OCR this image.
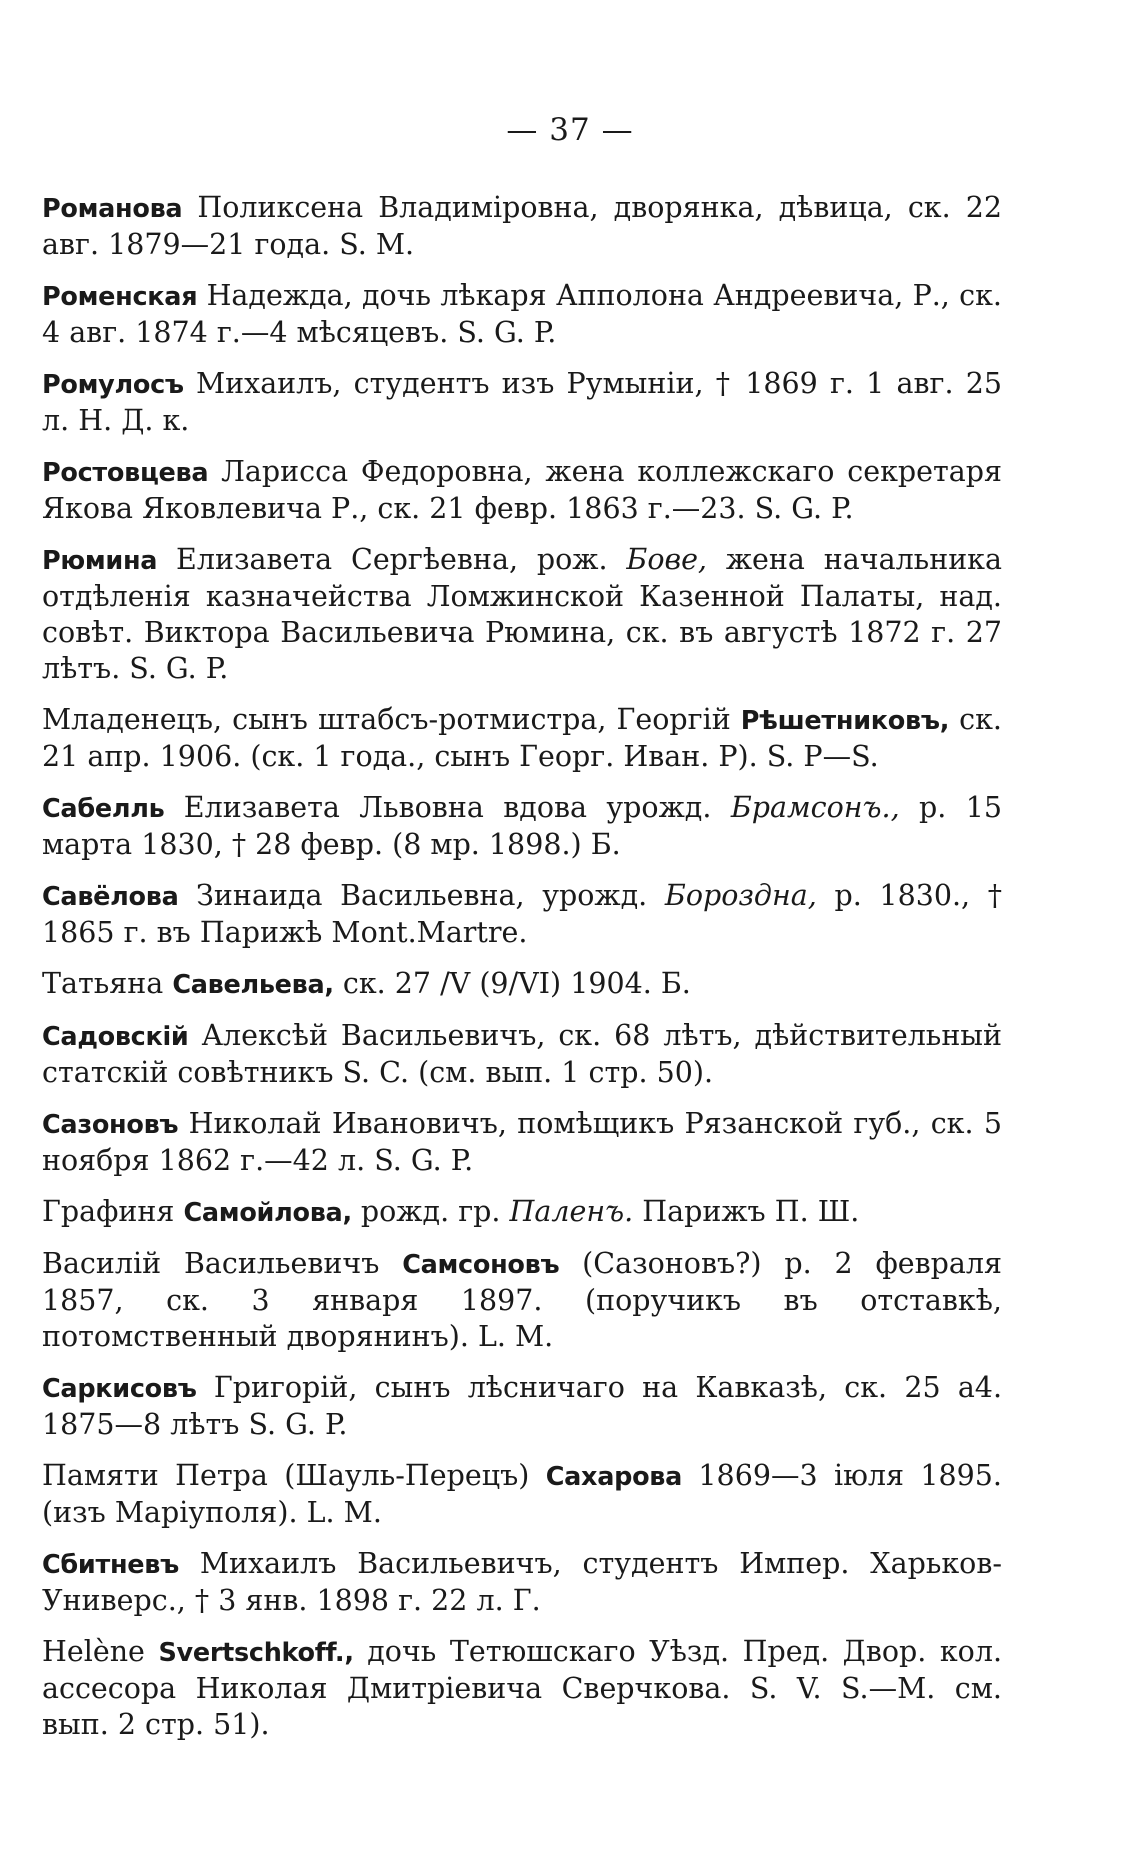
— 37 —

Романова Поликсена Владиміровна, дворянка, дѣвица, ск. 22 авг. 1879—21 года. S. M.

Роменская Надежда, дочь лѣкаря Апполона Андреевича, Р., ск. 4 авг. 1874 г.—4 мѣсяцевъ. S. G. P.

Ромулосъ Михаилъ, студентъ изъ Румыніи, † 1869 г. 1 авг. 25 л. Н. Д. к.

Ростовцева Ларисса Федоровна, жена коллежскаго секретаря Якова Яковлевича Р., ск. 21 февр. 1863 г.—23. S. G. P.

Рюмина Елизавета Сергѣевна, рож. Бове, жена начальника отдѣленія казначейства Ломжинской Казенной Палаты, над. совѣт. Виктора Васильевича Рюмина, ск. въ августѣ 1872 г. 27 лѣтъ. S. G. P.

Младенецъ, сынъ штабсъ-ротмистра, Георгій Рѣшетниковъ, ск. 21 апр. 1906. (ск. 1 года., сынъ Георг. Иван. Р). S. P—S.

Сабелль Елизавета Львовна вдова урожд. Брамсонъ., р. 15 марта 1830, † 28 февр. (8 мр. 1898.) Б.

Савёлова Зинаида Васильевна, урожд. Бороздна, р. 1830., † 1865 г. въ Парижѣ Mont.Martre.

Татьяна Савельева, ск. 27 /V (9/VI) 1904. Б.

Садовскій Алексѣй Васильевичъ, ск. 68 лѣтъ, дѣйствительный статскій совѣтникъ S. C. (см. вып. 1 стр. 50).

Сазоновъ Николай Ивановичъ, помѣщикъ Рязанской губ., ск. 5 ноября 1862 г.—42 л. S. G. P.

Графиня Самойлова, рожд. гр. Паленъ. Парижъ П. Ш.

Василій Васильевичъ Самсоновъ (Сазоновъ?) р. 2 февраля 1857, ск. 3 января 1897. (поручикъ въ отставкѣ, потомственный дворянинъ). L. M.

Саркисовъ Григорій, сынъ лѣсничаго на Кавказѣ, ск. 25 а4. 1875—8 лѣтъ S. G. P.

Памяти Петра (Шауль-Перецъ) Сахарова 1869—3 іюля 1895. (изъ Маріуполя). L. M.

Сбитневъ Михаилъ Васильевичъ, студентъ Импер. Харьков-Универс., † 3 янв. 1898 г. 22 л. Г.

Helène Svertschkoff., дочь Тетюшскаго Уѣзд. Пред. Двор. кол. ассесора Николая Дмитріевича Сверчкова. S. V. S.—M. см. вып. 2 стр. 51).
